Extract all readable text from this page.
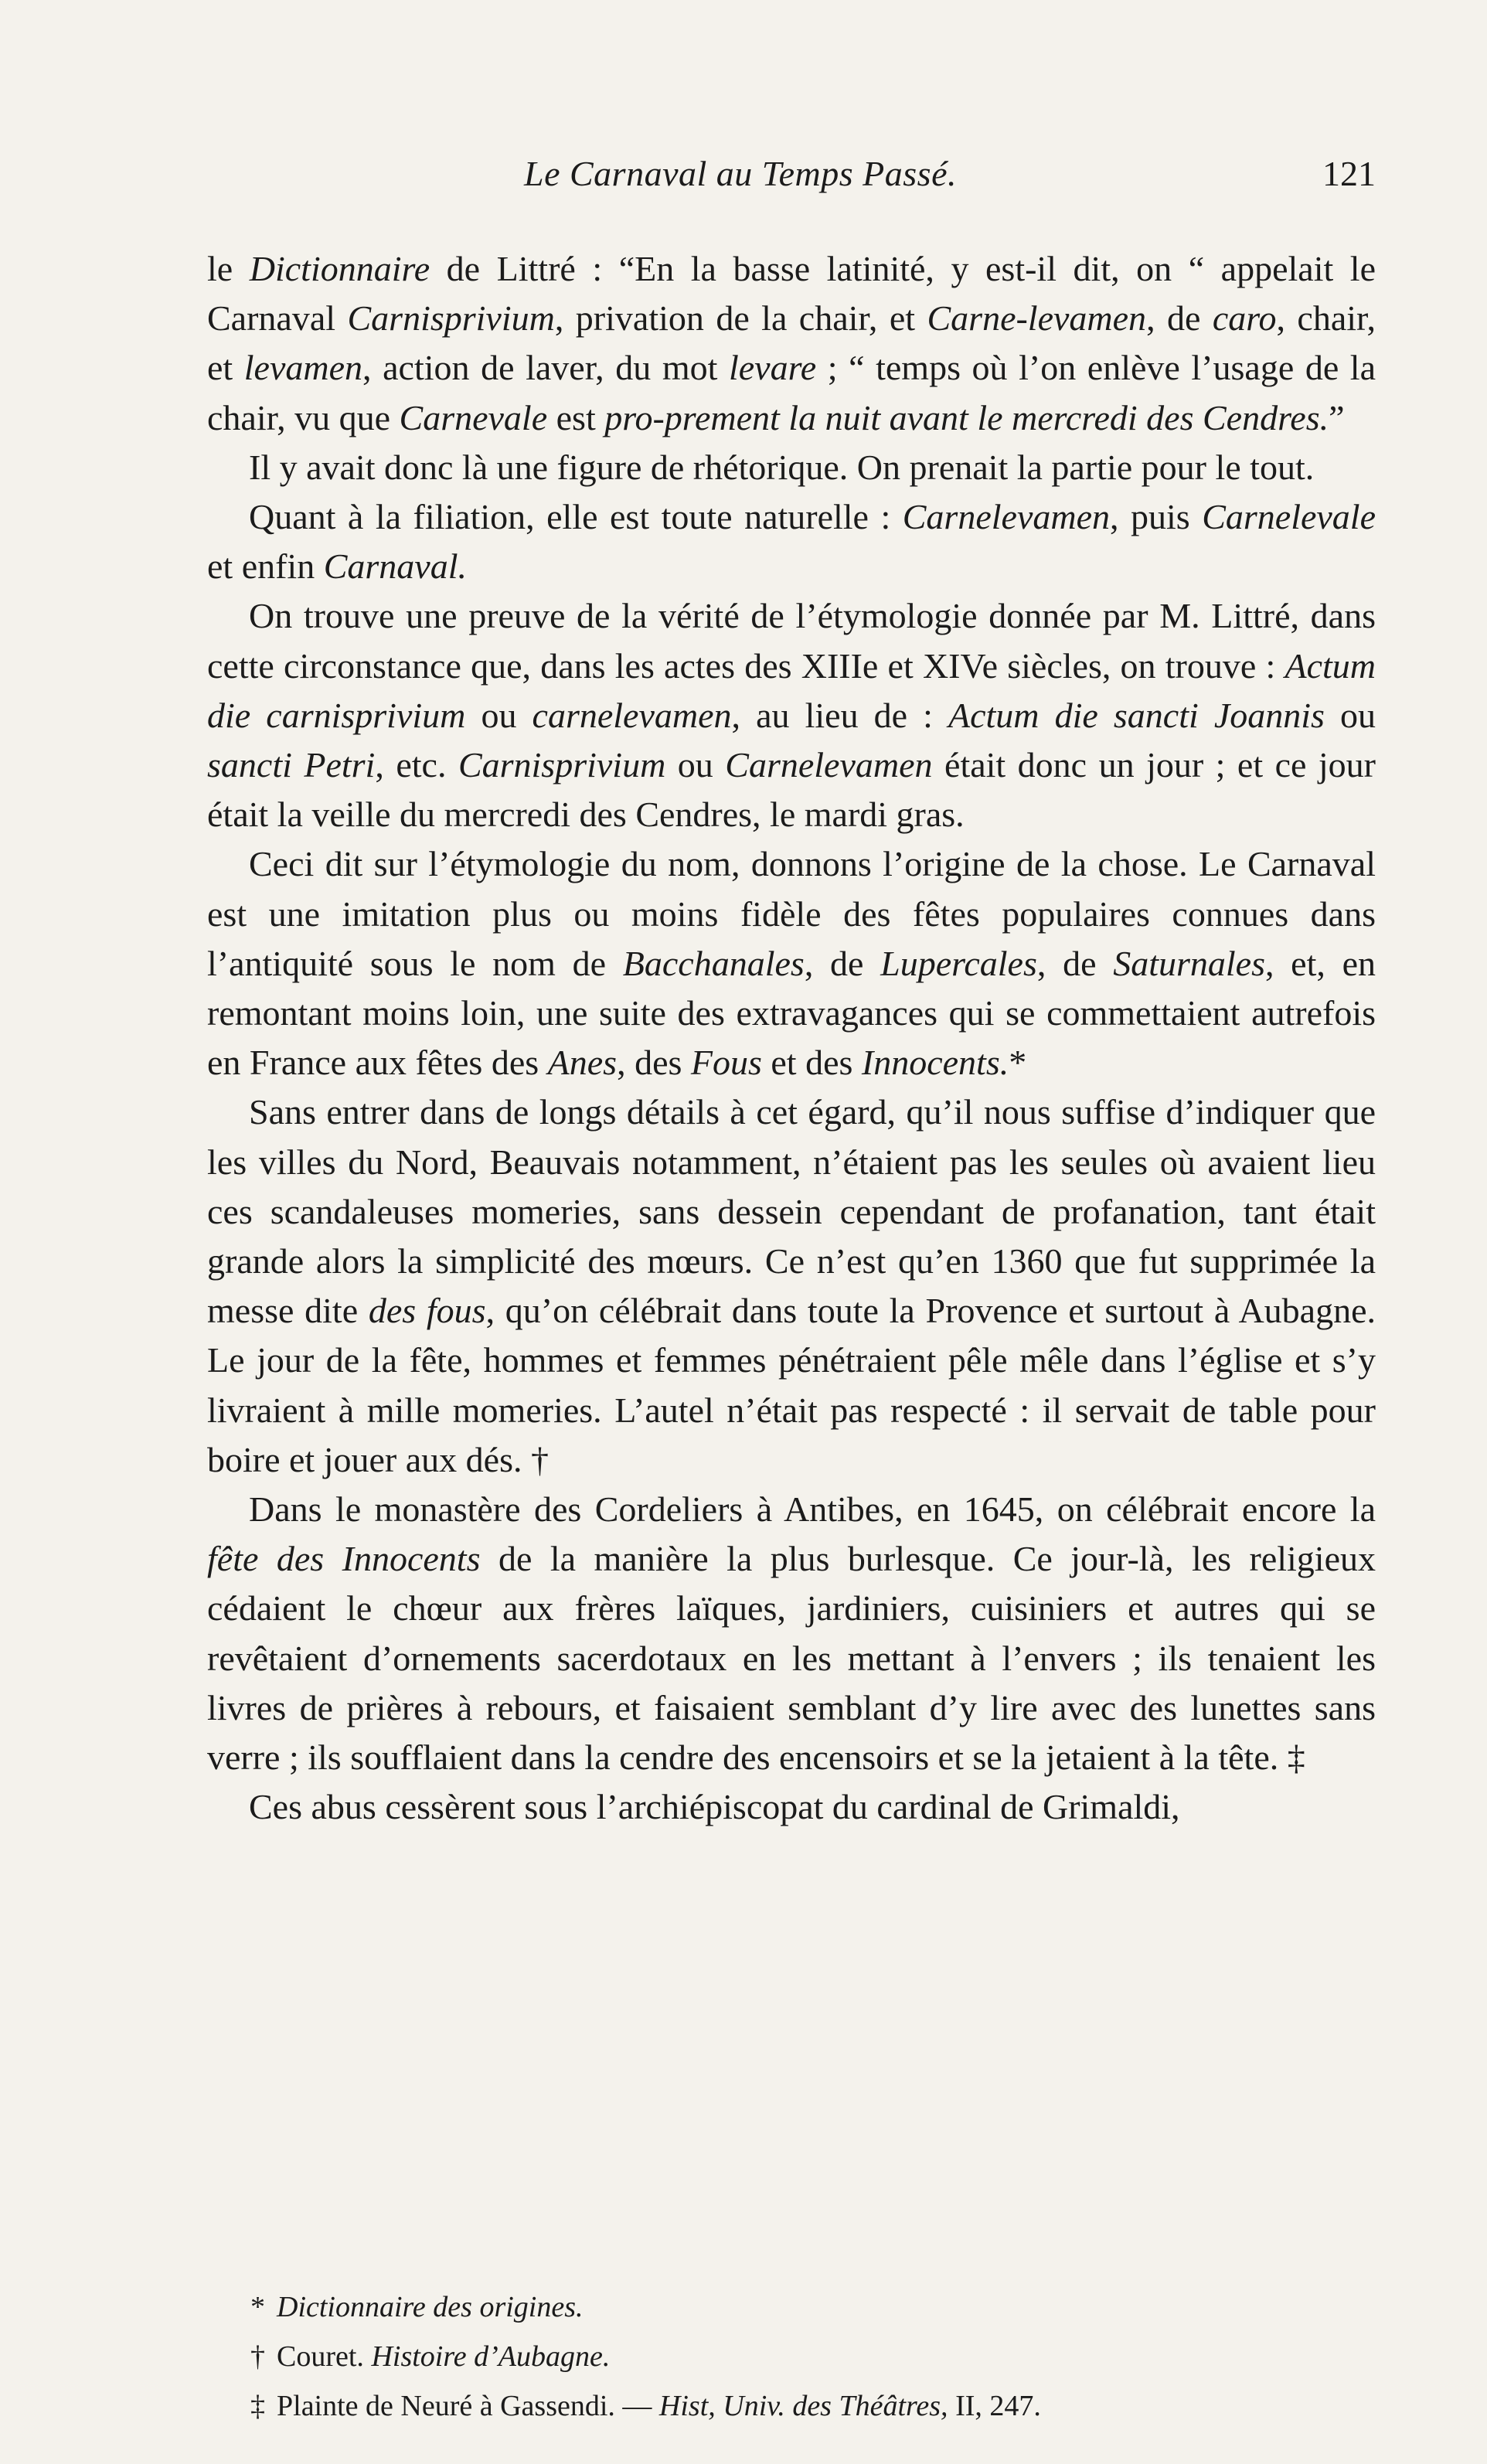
Le Carnaval au Temps Passé.	121

le Dictionnaire de Littré : “En la basse latinité, y est-il dit, on “ appelait le Carnaval Carnisprivium, privation de la chair, et Carne-levamen, de caro, chair, et levamen, action de laver, du mot levare ; “ temps où l’on enlève l’usage de la chair, vu que Carnevale est pro-prement la nuit avant le mercredi des Cendres.”

Il y avait donc là une figure de rhétorique. On prenait la partie pour le tout.

Quant à la filiation, elle est toute naturelle : Carnelevamen, puis Carnelevale et enfin Carnaval.

On trouve une preuve de la vérité de l’étymologie donnée par M. Littré, dans cette circonstance que, dans les actes des XIIIe et XIVe siècles, on trouve : Actum die carnisprivium ou carnelevamen, au lieu de : Actum die sancti Joannis ou sancti Petri, etc. Carnisprivium ou Carnelevamen était donc un jour ; et ce jour était la veille du mercredi des Cendres, le mardi gras.

Ceci dit sur l’étymologie du nom, donnons l’origine de la chose. Le Carnaval est une imitation plus ou moins fidèle des fêtes populaires connues dans l’antiquité sous le nom de Bacchanales, de Lupercales, de Saturnales, et, en remontant moins loin, une suite des extravagances qui se commettaient autrefois en France aux fêtes des Anes, des Fous et des Innocents.*

Sans entrer dans de longs détails à cet égard, qu’il nous suffise d’indiquer que les villes du Nord, Beauvais notamment, n’étaient pas les seules où avaient lieu ces scandaleuses momeries, sans dessein cependant de profanation, tant était grande alors la simplicité des mœurs. Ce n’est qu’en 1360 que fut supprimée la messe dite des fous, qu’on célébrait dans toute la Provence et surtout à Aubagne. Le jour de la fête, hommes et femmes pénétraient pêle mêle dans l’église et s’y livraient à mille momeries. L’autel n’était pas respecté : il servait de table pour boire et jouer aux dés. †

Dans le monastère des Cordeliers à Antibes, en 1645, on célébrait encore la fête des Innocents de la manière la plus burlesque. Ce jour-là, les religieux cédaient le chœur aux frères laïques, jardiniers, cuisiniers et autres qui se revêtaient d’ornements sacerdotaux en les mettant à l’envers ; ils tenaient les livres de prières à rebours, et faisaient semblant d’y lire avec des lunettes sans verre ; ils soufflaient dans la cendre des encensoirs et se la jetaient à la tête. ‡

Ces abus cessèrent sous l’archiépiscopat du cardinal de Grimaldi,

* Dictionnaire des origines.
† Couret. Histoire d’Aubagne.
‡ Plainte de Neuré à Gassendi. — Hist, Univ. des Théâtres, II, 247.
